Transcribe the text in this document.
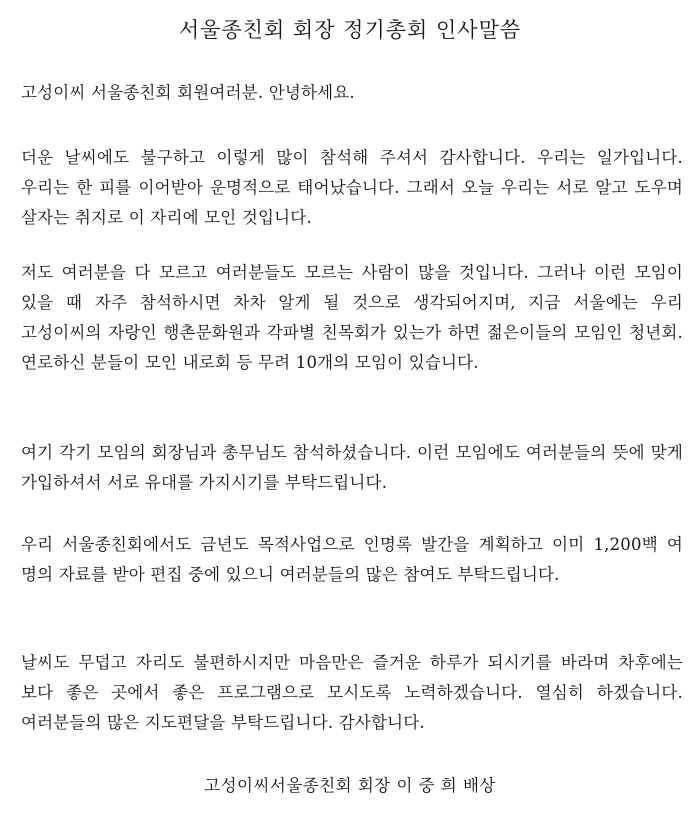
서울종친회 회장 정기총회 인사말씀

고성이씨 서울종친회 회원여러분. 안녕하세요.

더운 날씨에도 불구하고 이렇게 많이 참석해 주셔서 감사합니다. 우리는 일가입니다. 우리는 한 피를 이어받아 운명적으로 태어났습니다. 그래서 오늘 우리는 서로 알고 도우며 살자는 취지로 이 자리에 모인 것입니다.

저도 여러분을 다 모르고 여러분들도 모르는 사람이 많을 것입니다. 그러나 이런 모임이 있을 때 자주 참석하시면 차차 알게 될 것으로 생각되어지며, 지금 서울에는 우리 고성이씨의 자랑인 행촌문화원과 각파별 친목회가 있는가 하면 젊은이들의 모임인 청년회. 연로하신 분들이 모인 내로회 등 무려 10개의 모임이 있습니다.

여기 각기 모임의 회장님과 총무님도 참석하셨습니다. 이런 모임에도 여러분들의 뜻에 맞게 가입하셔서 서로 유대를 가지시기를 부탁드립니다.

우리 서울종친회에서도 금년도 목적사업으로 인명록 발간을 계획하고 이미 1,200백 여 명의 자료를 받아 편집 중에 있으니 여러분들의 많은 참여도 부탁드립니다.

날씨도 무덥고 자리도 불편하시지만 마음만은 즐거운 하루가 되시기를 바라며 차후에는 보다 좋은 곳에서 좋은 프로그램으로 모시도록 노력하겠습니다. 열심히 하겠습니다. 여러분들의 많은 지도편달을 부탁드립니다. 감사합니다.

고성이씨서울종친회 회장 이 중 희 배상
